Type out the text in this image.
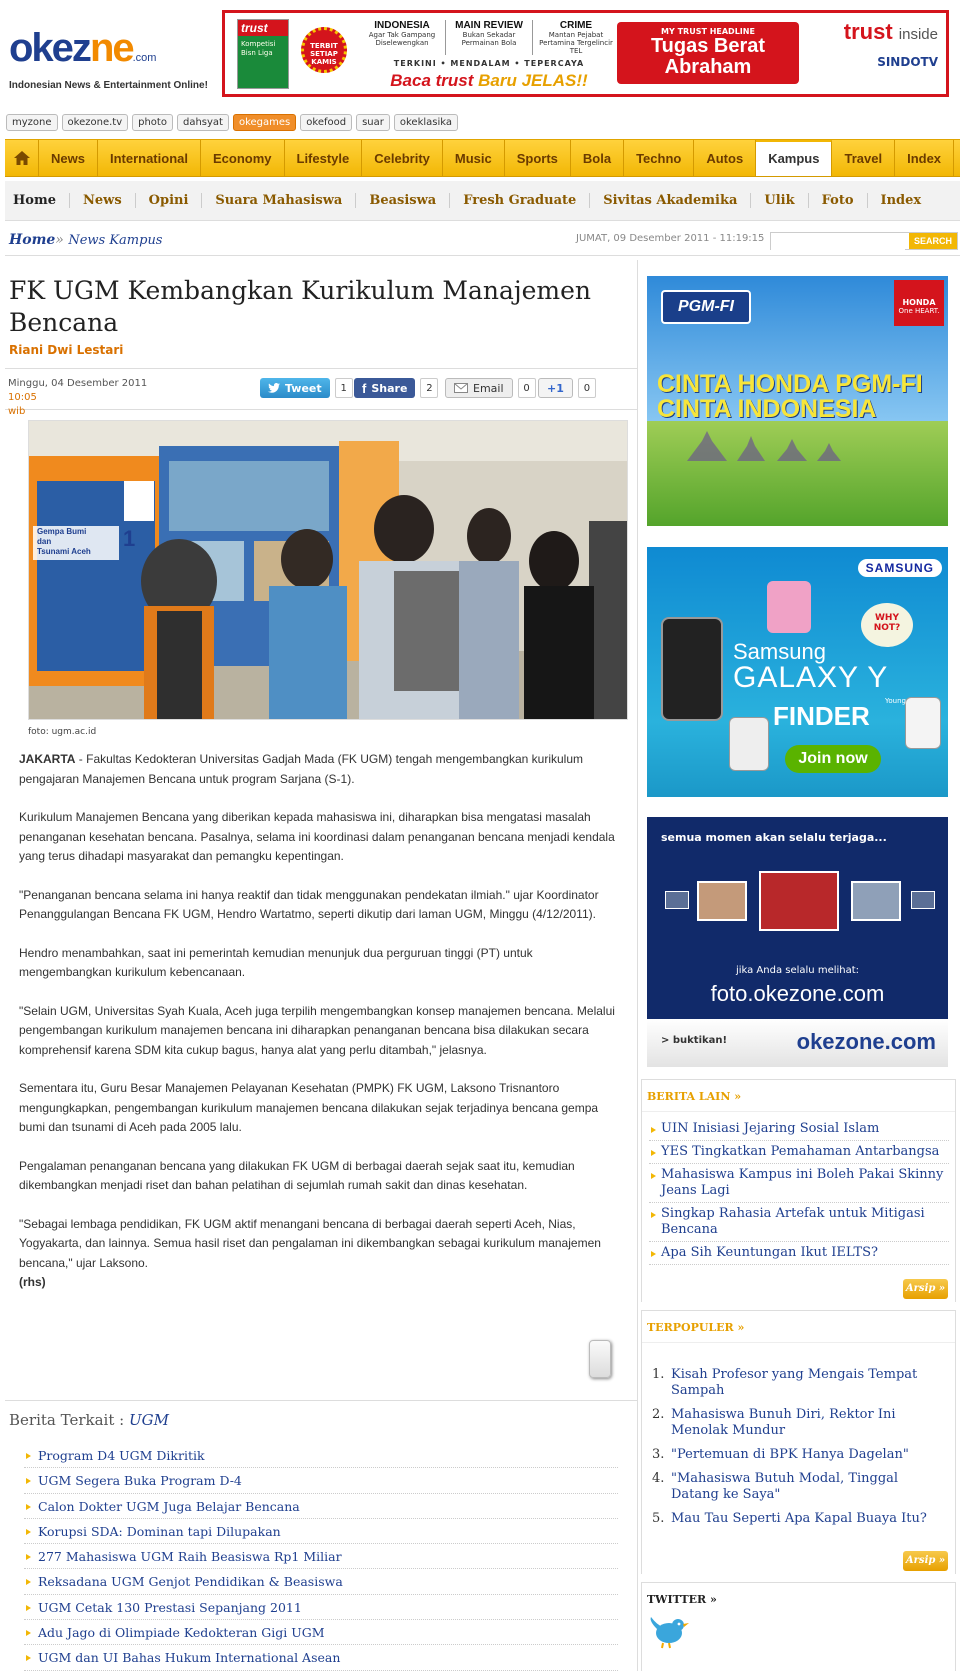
okezne.com
Indonesian News & Entertainment Online!
trust
Kompetisi Bisn Liga
TERBIT SETIAP KAMIS
INDONESIA
Agar Tak Gampang Diselewengkan
MAIN REVIEW
Bukan Sekadar Permainan Bola
CRIME
Mantan Pejabat Pertamina Tergelincir TEL
TERKINI • MENDALAM • TEPERCAYA
Baca trust Baru JELAS!!
MY TRUST HEADLINE
Tugas Berat Abraham
trust inside
SINDOTV
myzone	okezone.tv	photo	dahsyat	okegames	okefood	suar	okeklasika
News	International	Economy	Lifestyle	Celebrity	Music	Sports	Bola	Techno	Autos	Kampus	Travel	Index
Home	News	Opini	Suara Mahasiswa	Beasiswa	Fresh Graduate	Sivitas Akademika	Ulik	Foto	Index
Home» News Kampus	JUMAT, 09 Desember 2011 - 11:19:15	SEARCH
FK UGM Kembangkan Kurikulum Manajemen Bencana
Riani Dwi Lestari
Minggu, 04 Desember 2011 10:05
wib
Tweet	1	f Share	2	Email	0	+1	0
Gempa Bumi
dan
Tsunami Aceh
1
foto: ugm.ac.id

JAKARTA - Fakultas Kedokteran Universitas Gadjah Mada (FK UGM) tengah mengembangkan kurikulum pengajaran Manajemen Bencana untuk program Sarjana (S-1).

Kurikulum Manajemen Bencana yang diberikan kepada mahasiswa ini, diharapkan bisa mengatasi masalah penanganan kesehatan bencana. Pasalnya, selama ini koordinasi dalam penanganan bencana menjadi kendala yang terus dihadapi masyarakat dan pemangku kepentingan.

"Penanganan bencana selama ini hanya reaktif dan tidak menggunakan pendekatan ilmiah." ujar Koordinator Penanggulangan Bencana FK UGM, Hendro Wartatmo, seperti dikutip dari laman UGM, Minggu (4/12/2011).

Hendro menambahkan, saat ini pemerintah kemudian menunjuk dua perguruan tinggi (PT) untuk mengembangkan kurikulum kebencanaan.

"Selain UGM, Universitas Syah Kuala, Aceh juga terpilih mengembangkan konsep manajemen bencana. Melalui pengembangan kurikulum manajemen bencana ini diharapkan penanganan bencana bisa dilakukan secara komprehensif karena SDM kita cukup bagus, hanya alat yang perlu ditambah," jelasnya.

Sementara itu, Guru Besar Manajemen Pelayanan Kesehatan (PMPK) FK UGM, Laksono Trisnantoro mengungkapkan, pengembangan kurikulum manajemen bencana dilakukan sejak terjadinya bencana gempa bumi dan tsunami di Aceh pada 2005 lalu.

Pengalaman penanganan bencana yang dilakukan FK UGM di berbagai daerah sejak saat itu, kemudian dikembangkan menjadi riset dan bahan pelatihan di sejumlah rumah sakit dan dinas kesehatan.

"Sebagai lembaga pendidikan, FK UGM aktif menangani bencana di berbagai daerah seperti Aceh, Nias, Yogyakarta, dan lainnya. Semua hasil riset dan pengalaman ini dikembangkan sebagai kurikulum manajemen bencana," ujar Laksono.

(rhs)
Berita Terkait : UGM
Program D4 UGM Dikritik
UGM Segera Buka Program D-4
Calon Dokter UGM Juga Belajar Bencana
Korupsi SDA: Dominan tapi Dilupakan
277 Mahasiswa UGM Raih Beasiswa Rp1 Miliar
Reksadana UGM Genjot Pendidikan & Beasiswa
UGM Cetak 130 Prestasi Sepanjang 2011
Adu Jago di Olimpiade Kedokteran Gigi UGM
UGM dan UI Bahas Hukum International Asean
PGM-FI	HONDA
One HEART.
CINTA HONDA PGM-FI
CINTA INDONESIA
SAMSUNG
WHY NOT?
Samsung
GALAXY Y
Young
FINDER
Join now
semua momen akan selalu terjaga...
jika Anda selalu melihat:
foto.okezone.com
> buktikan!	okezone.com
BERITA LAIN »
UIN Inisiasi Jejaring Sosial Islam
YES Tingkatkan Pemahaman Antarbangsa
Mahasiswa Kampus ini Boleh Pakai Skinny Jeans Lagi
Singkap Rahasia Artefak untuk Mitigasi Bencana
Apa Sih Keuntungan Ikut IELTS?
Arsip »
TERPOPULER »
1. Kisah Profesor yang Mengais Tempat Sampah
2. Mahasiswa Bunuh Diri, Rektor Ini Menolak Mundur
3. "Pertemuan di BPK Hanya Dagelan"
4. "Mahasiswa Butuh Modal, Tinggal Datang ke Saya"
5. Mau Tau Seperti Apa Kapal Buaya Itu?
Arsip »
TWITTER »
